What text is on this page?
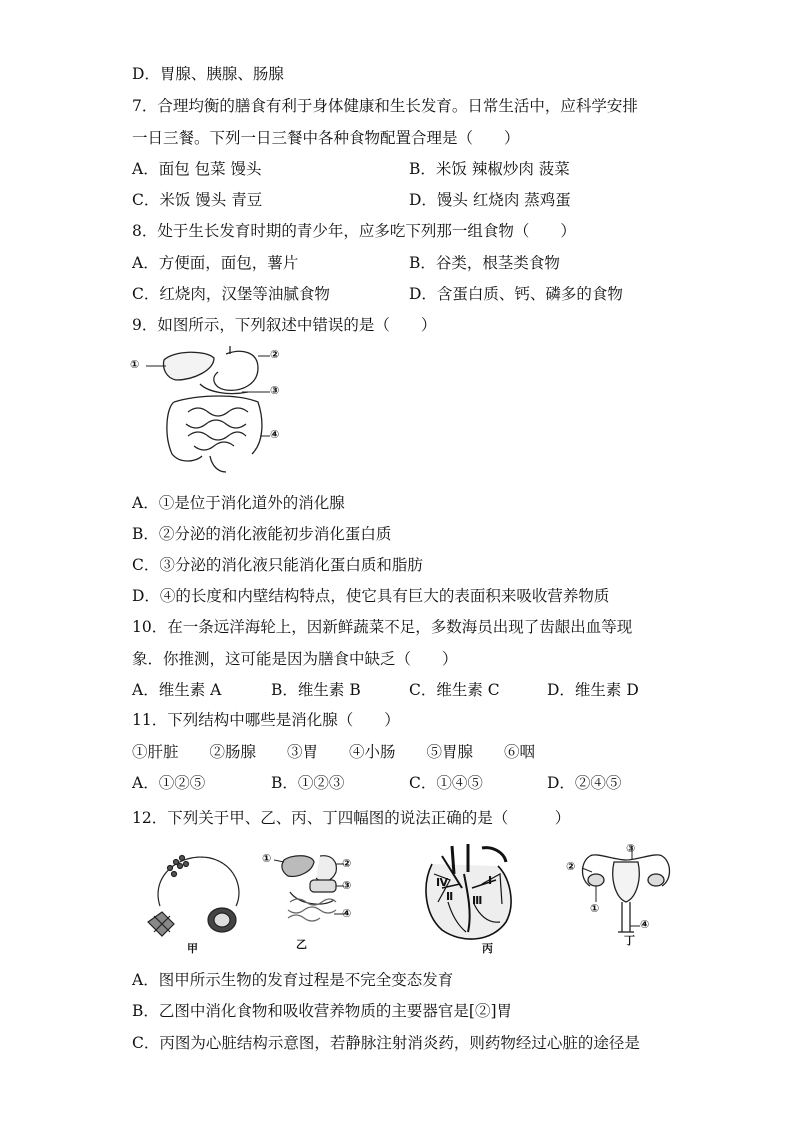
D．胃腺、胰腺、肠腺
7．合理均衡的膳食有利于身体健康和生长发育。日常生活中，应科学安排
一日三餐。下列一日三餐中各种食物配置合理是（　　）
A．面包 包菜 馒头	B．米饭 辣椒炒肉 菠菜
C．米饭 馒头 青豆	D．馒头 红烧肉 蒸鸡蛋
8．处于生长发育时期的青少年，应多吃下列那一组食物（　　）
A．方便面，面包，薯片	B．谷类，根茎类食物
C．红烧肉，汉堡等油腻食物	D．含蛋白质、钙、磷多的食物
9．如图所示，下列叙述中错误的是（　　）
①
②
③
④
A．①是位于消化道外的消化腺
B．②分泌的消化液能初步消化蛋白质
C．③分泌的消化液只能消化蛋白质和脂肪
D．④的长度和内壁结构特点，使它具有巨大的表面积来吸收营养物质
10．在一条远洋海轮上，因新鲜蔬菜不足，多数海员出现了齿龈出血等现
象．你推测，这可能是因为膳食中缺乏（　　）
A．维生素 A	B．维生素 B	C．维生素 C	D．维生素 D
11．下列结构中哪些是消化腺（　　）
①肝脏　　②肠腺　　③胃　　④小肠　　⑤胃腺　　⑥咽
A．①②⑤	B．①②③	C．①④⑤	D．②④⑤
12．下列关于甲、乙、丙、丁四幅图的说法正确的是（　　　）
甲
①	②
③
④
乙
Ⅳ
Ⅱ Ⅲ
Ⅰ
丙
②
③
①
④
丁
A．图甲所示生物的发育过程是不完全变态发育
B．乙图中消化食物和吸收营养物质的主要器官是[②]胃
C．丙图为心脏结构示意图，若静脉注射消炎药，则药物经过心脏的途径是
